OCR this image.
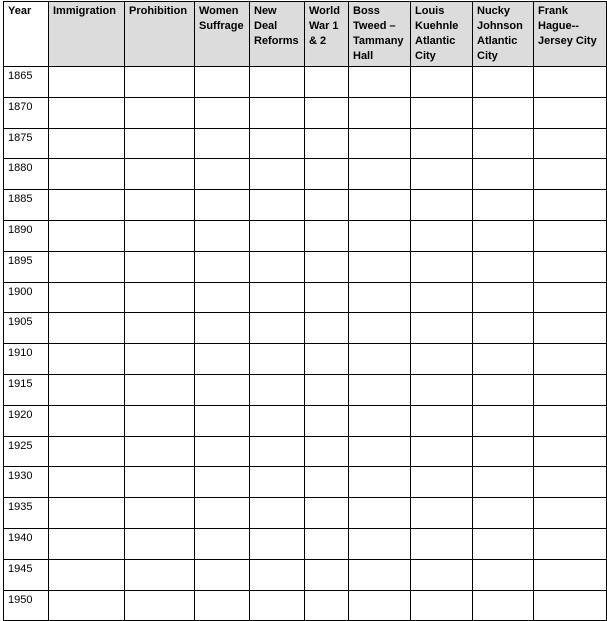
Year	Immigration	Prohibition	Women Suffrage	New Deal Reforms	World War 1 & 2	Boss Tweed – Tammany Hall	Louis Kuehnle Atlantic City	Nucky Johnson Atlantic City	Frank Hague--Jersey City
1865									
1870									
1875									
1880									
1885									
1890									
1895									
1900									
1905									
1910									
1915									
1920									
1925									
1930									
1935									
1940									
1945									
1950									
